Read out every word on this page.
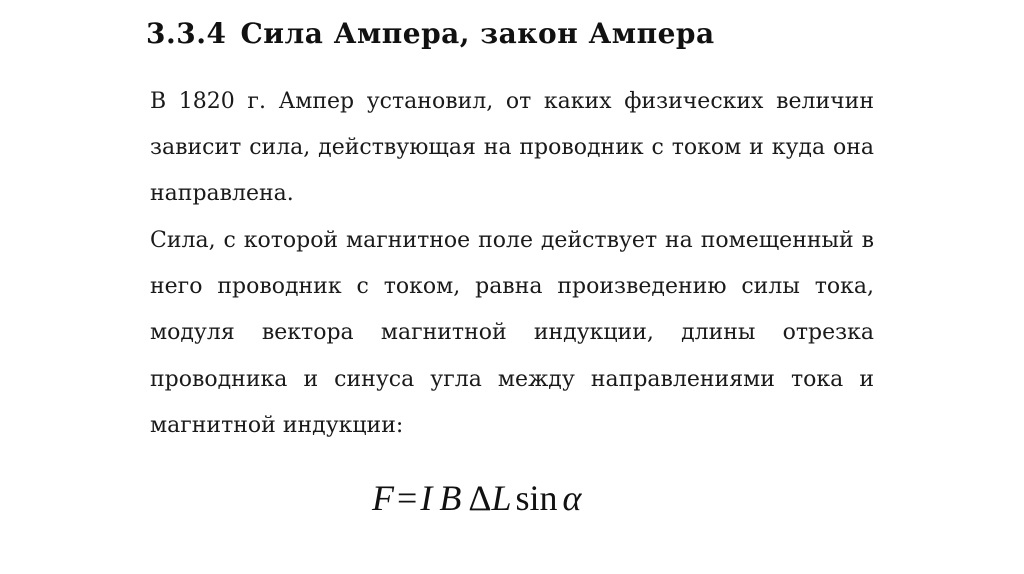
3.3.4 Сила Ампера, закон Ампера

В 1820 г. Ампер установил, от каких физических величин зависит сила, действующая на проводник с током и куда она направлена.

Сила, с которой магнитное поле действует на помещенный в него проводник с током, равна произведению силы тока, модуля вектора магнитной индукции, длины отрезка проводника и синуса угла между направлениями тока и магнитной индукции:

F=I B ΔL sin α
